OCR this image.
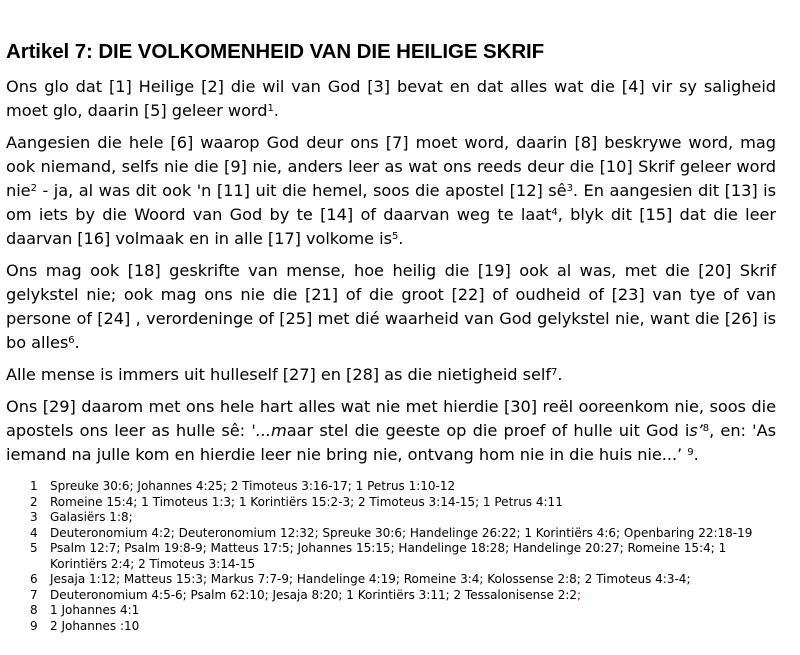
Artikel 7: DIE VOLKOMENHEID VAN DIE HEILIGE SKRIF

Ons glo dat [1] Heilige [2] die wil van God [3] bevat en dat alles wat die [4] vir sy saligheid moet glo, daarin [5] geleer word$^1$.

Aangesien die hele [6] waarop God deur ons [7] moet word, daarin [8] beskrywe word, mag ook niemand, selfs nie die [9] nie, anders leer as wat ons reeds deur die [10] Skrif geleer word nie$^2$ - ja, al was dit ook 'n [11] uit die hemel, soos die apostel [12] $sê^3$. En aangesien dit [13] is om iets by die Woord van God by te [14] of daarvan weg te laat$^4$, blyk dit [15] dat die leer daarvan [16] volmaak en in alle [17] volkome $is^5$.

Ons mag ook [18] geskrifte van mense, hoe heilig die [19] ook al was, met die [20] Skrif gelykstel nie; ook mag ons nie die [21] of die groot [22] of oudheid of [23] van tye of van persone of [24] , verordeninge of [25] met dié waarheid van God gelykstel nie, want die [26] is bo alles$^6$.

Alle mense is immers uit hulleself [27] en [28] as die nietigheid self$^7$.

Ons [29] daarom met ons hele hart alles wat nie met hierdie [30] reël ooreenkom nie, soos die apostels ons leer as hulle sê: '...maar stel die geeste op die proef of hulle uit God is’$^8$, en: 'As iemand na julle kom en hierdie leer nie bring nie, ontvang hom nie in die huis nie...’ $^9$.

1	Spreuke 30:6; Johannes 4:25; 2 Timoteus 3:16-17; 1 Petrus 1:10-12
2	Romeine 15:4; 1 Timoteus 1:3; 1 Korintiërs 15:2-3; 2 Timoteus 3:14-15; 1 Petrus 4:11
3	Galasiërs 1:8;
4	Deuteronomium 4:2; Deuteronomium 12:32; Spreuke 30:6; Handelinge 26:22; 1 Korintiërs 4:6; Openbaring 22:18-19
5	Psalm 12:7; Psalm 19:8-9; Matteus 17:5; Johannes 15:15; Handelinge 18:28; Handelinge 20:27; Romeine 15:4; 1 Korintiërs 2:4; 2 Timoteus 3:14-15
6	Jesaja 1:12; Matteus 15:3; Markus 7:7-9; Handelinge 4:19; Romeine 3:4; Kolossense 2:8; 2 Timoteus 4:3-4;
7	Deuteronomium 4:5-6; Psalm 62:10; Jesaja 8:20; 1 Korintiërs 3:11; 2 Tessalonisense 2:2;
8	1 Johannes 4:1
9	2 Johannes :10
